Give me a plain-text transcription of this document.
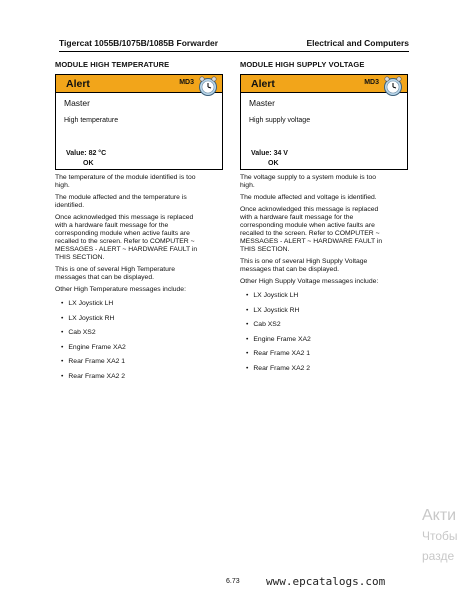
Tigercat 1055B/1075B/1085B Forwarder	Electrical and Computers
MODULE HIGH TEMPERATURE
Alert	MD3
Master
High temperature
Value: 82 °C
OK

The temperature of the module identified is too
high.

The module affected and the temperature is
identified.

Once acknowledged this message is replaced
with a hardware fault message for the
corresponding module when active faults are
recalled to the screen. Refer to COMPUTER ~
MESSAGES - ALERT ~ HARDWARE FAULT in
THIS SECTION.

This is one of several High Temperature
messages that can be displayed.

Other High Temperature messages include:

• LX Joystick LH
• LX Joystick RH
• Cab XS2
• Engine Frame XA2
• Rear Frame XA2 1
• Rear Frame XA2 2
MODULE HIGH SUPPLY VOLTAGE
Alert	MD3
Master
High supply voltage
Value: 34 V
OK

The voltage supply to a system module is too
high.

The module affected and voltage is identified.

Once acknowledged this message is replaced
with a hardware fault message for the
corresponding module when active faults are
recalled to the screen. Refer to COMPUTER ~
MESSAGES - ALERT ~ HARDWARE FAULT in
THIS SECTION.

This is one of several High Supply Voltage
messages that can be displayed.

Other High Supply Voltage messages include:

• LX Joystick LH
• LX Joystick RH
• Cab XS2
• Engine Frame XA2
• Rear Frame XA2 1
• Rear Frame XA2 2
Акти
Чтобы
разде
6.73 www.epcatalogs.com
